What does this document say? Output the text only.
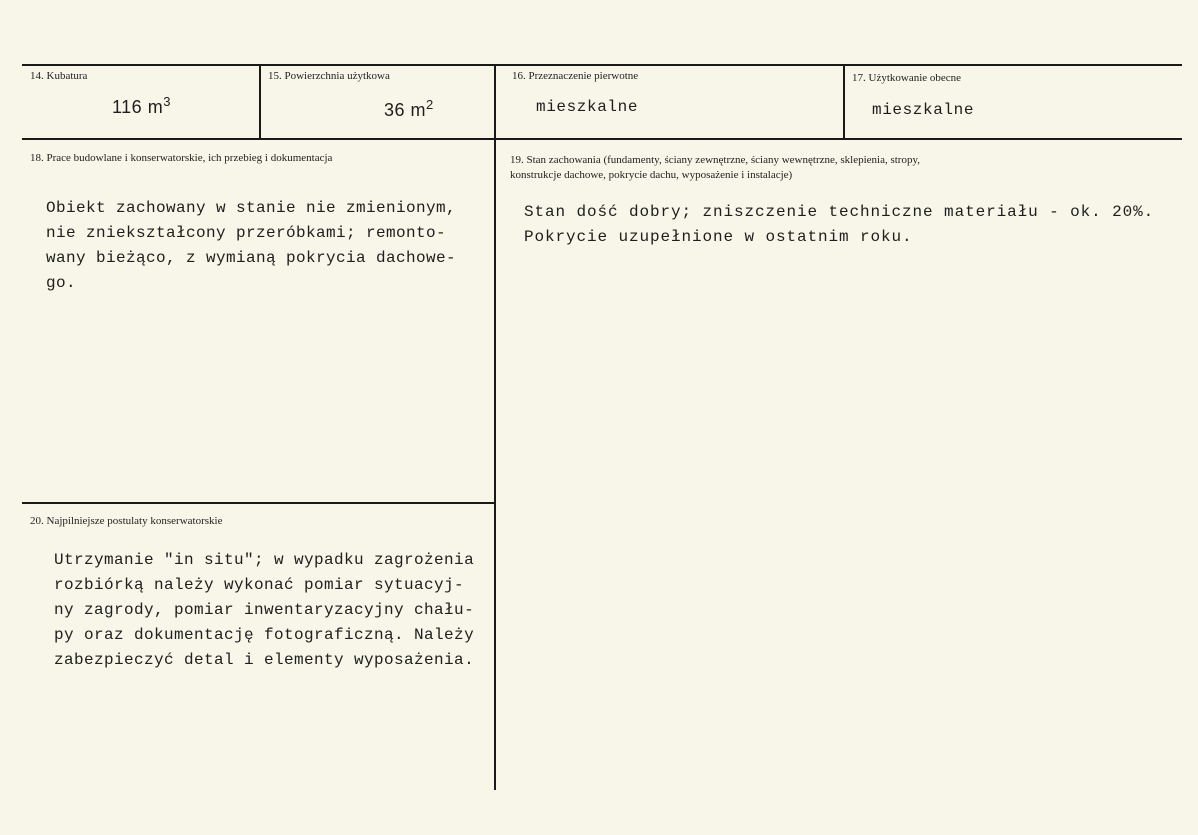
14. Kubatura
116 $m^3$
15. Powierzchnia użytkowa
36 $m^2$
16. Przeznaczenie pierwotne
mieszkalne
17. Użytkowanie obecne
mieszkalne
18. Prace budowlane i konserwatorskie, ich przebieg i dokumentacja
Obiekt zachowany w stanie nie zmienionym,
nie zniekształcony przeróbkami; remonto-
wany bieżąco, z wymianą pokrycia dachowe-
go.
19. Stan zachowania (fundamenty, ściany zewnętrzne, ściany wewnętrzne, sklepienia, stropy,
konstrukcje dachowe, pokrycie dachu, wyposażenie i instalacje)
Stan dość dobry; zniszczenie techniczne materiału - ok. 20%.
Pokrycie uzupełnione w ostatnim roku.
20. Najpilniejsze postulaty konserwatorskie
Utrzymanie "in situ"; w wypadku zagrożenia
rozbiórką należy wykonać pomiar sytuacyj-
ny zagrody, pomiar inwentaryzacyjny chału-
py oraz dokumentację fotograficzną. Należy
zabezpieczyć detal i elementy wyposażenia.
